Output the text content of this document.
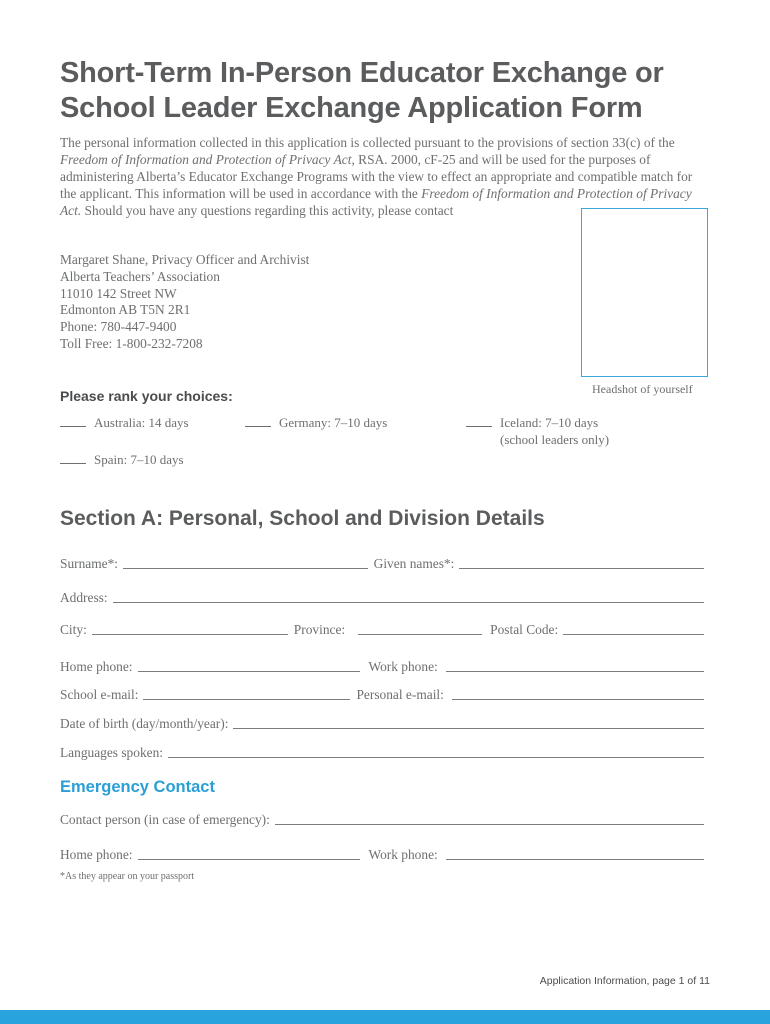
Short-Term In-Person Educator Exchange or
School Leader Exchange Application Form

The personal information collected in this application is collected pursuant to the provisions of section 33(c) of the Freedom of Information and Protection of Privacy Act, RSA. 2000, cF-25 and will be used for the purposes of administering Alberta’s Educator Exchange Programs with the view to effect an appropriate and compatible match for the applicant. This information will be used in accordance with the Freedom of Information and Protection of Privacy Act. Should you have any questions regarding this activity, please contact

Margaret Shane, Privacy Officer and Archivist
Alberta Teachers’ Association
11010 142 Street NW
Edmonton AB T5N 2R1
Phone: 780-447-9400
Toll Free: 1-800-232-7208
Headshot of yourself
Please rank your choices:
Australia: 14 days	Germany: 7–10 days	Iceland: 7–10 days
(school leaders only)
Spain: 7–10 days
Section A: Personal, School and Division Details
Surname*:	Given names*:
Address:
City:	Province:	Postal Code:
Home phone:	Work phone:
School e-mail:	Personal e-mail:
Date of birth (day/month/year):
Languages spoken:
Emergency Contact
Contact person (in case of emergency):
Home phone:	Work phone:
*As they appear on your passport
Application Information, page 1 of 11
